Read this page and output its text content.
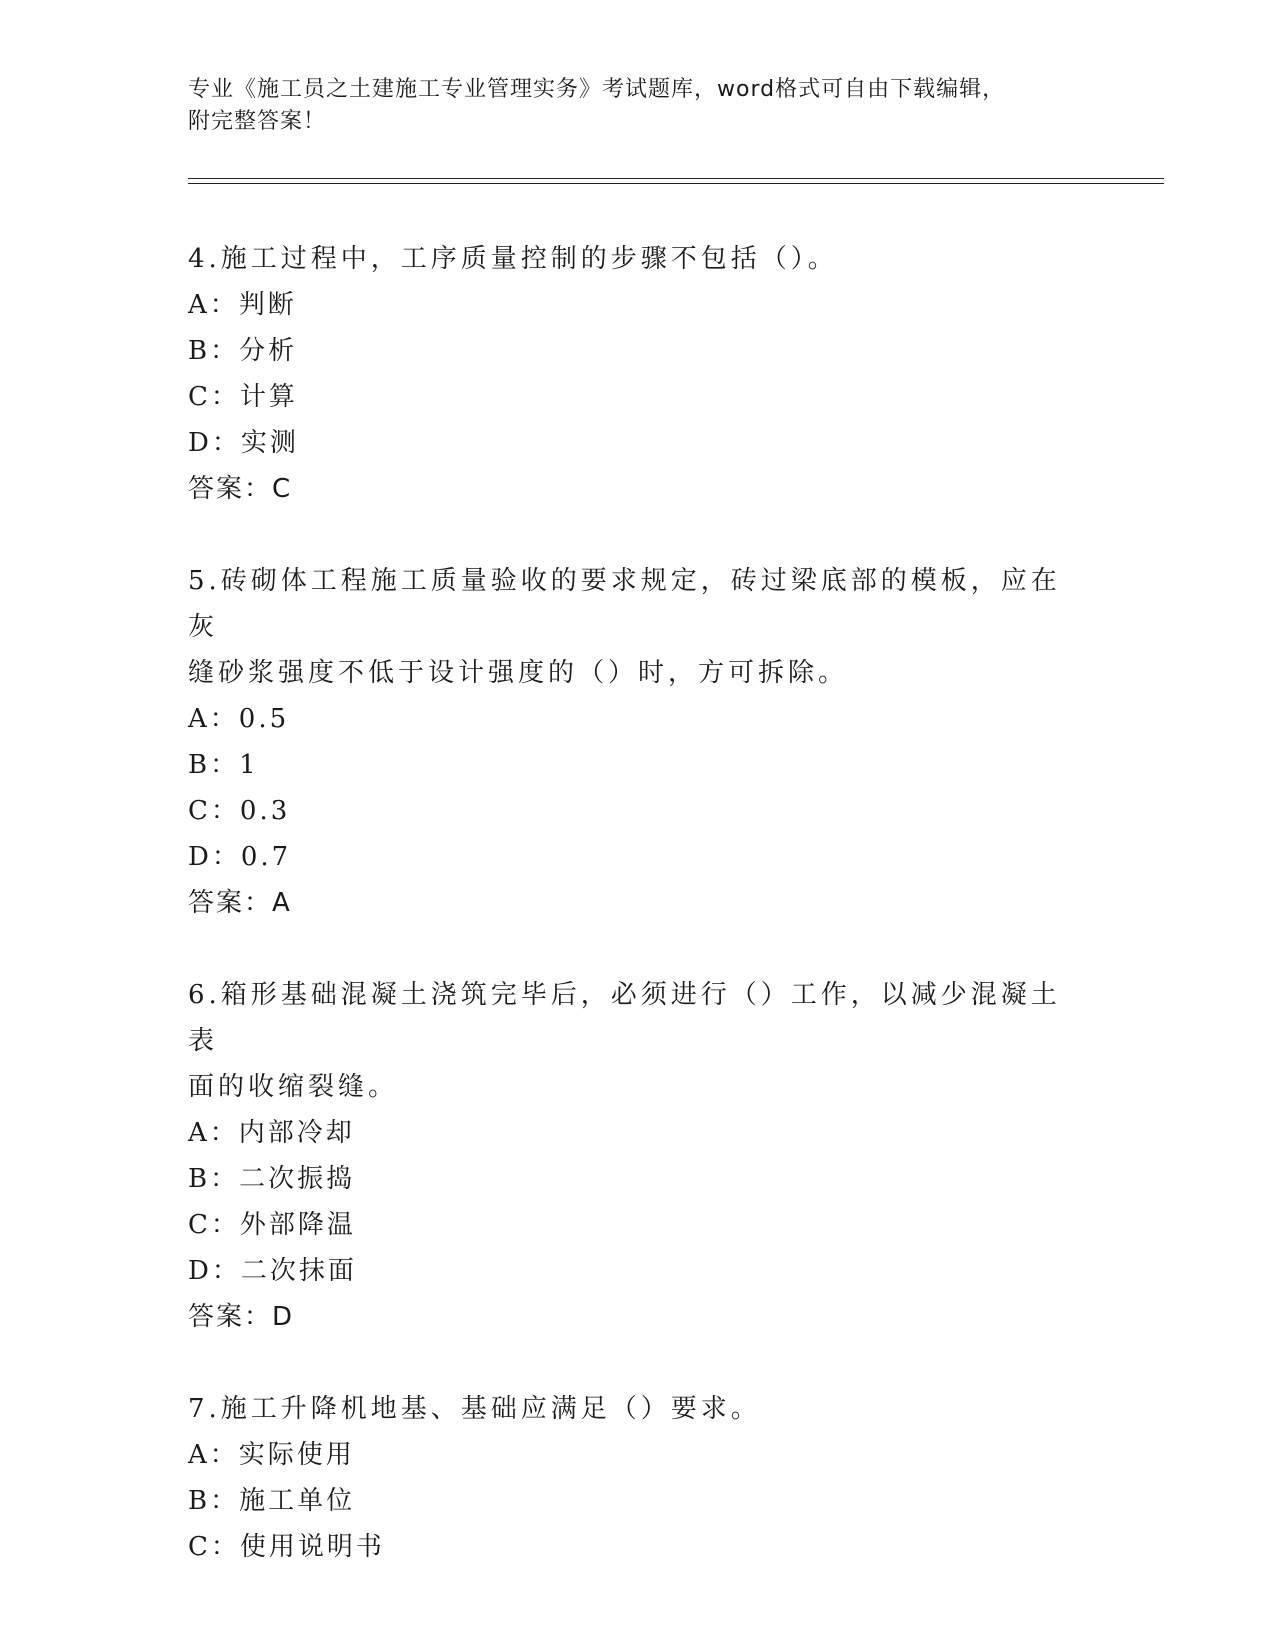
专业《施工员之土建施工专业管理实务》考试题库，word格式可自由下载编辑，
附完整答案！
4.施工过程中，工序质量控制的步骤不包括（）。
A： 判断
B： 分析
C： 计算
D： 实测
答案：C
5.砖砌体工程施工质量验收的要求规定，砖过梁底部的模板，应在灰
缝砂浆强度不低于设计强度的（）时，方可拆除。
A： 0.5
B： 1
C： 0.3
D： 0.7
答案：A
6.箱形基础混凝土浇筑完毕后，必须进行（）工作，以减少混凝土表
面的收缩裂缝。
A： 内部冷却
B： 二次振捣
C： 外部降温
D： 二次抹面
答案：D
7.施工升降机地基、基础应满足（）要求。
A： 实际使用
B： 施工单位
C： 使用说明书
